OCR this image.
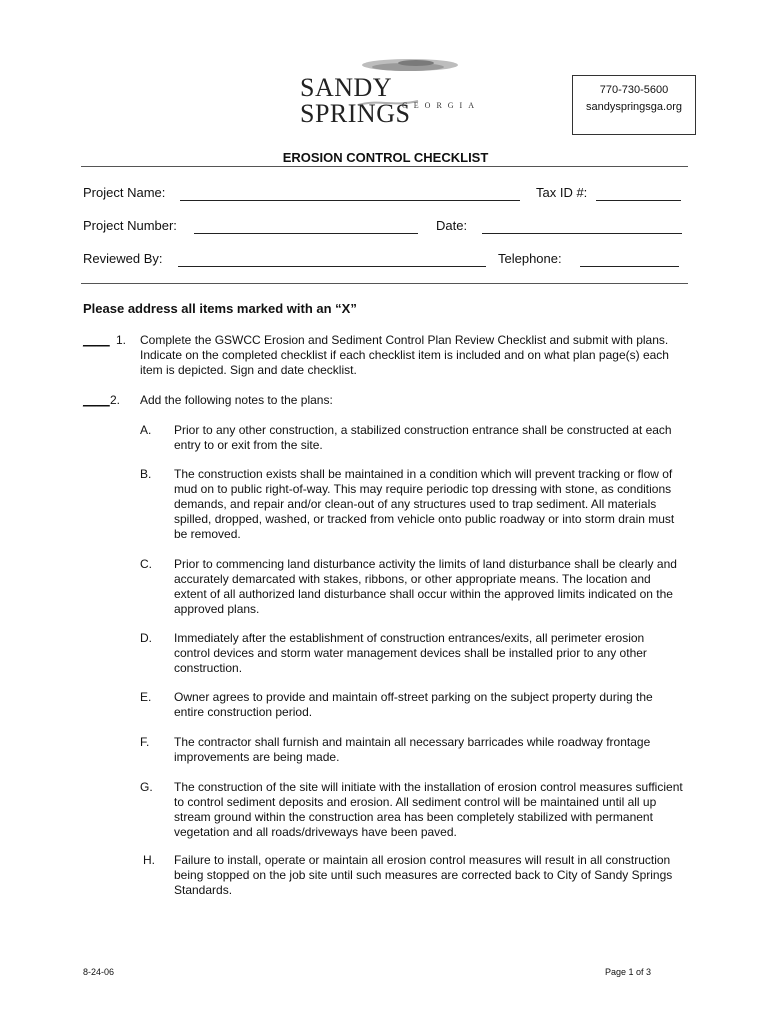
SANDY SPRINGS
GEORGIA
770-730-5600
sandyspringsga.org
EROSION CONTROL CHECKLIST
Project Name:	Tax ID #:
Project Number:	Date:
Reviewed By:	Telephone:
Please address all items marked with an “X”
____ 1. Complete the GSWCC Erosion and Sediment Control Plan Review Checklist and submit with plans. Indicate on the completed checklist if each checklist item is included and on what plan page(s) each item is depicted. Sign and date checklist.
____ 2. Add the following notes to the plans:
A. Prior to any other construction, a stabilized construction entrance shall be constructed at each entry to or exit from the site.
B. The construction exists shall be maintained in a condition which will prevent tracking or flow of mud on to public right-of-way. This may require periodic top dressing with stone, as conditions demands, and repair and/or clean-out of any structures used to trap sediment. All materials spilled, dropped, washed, or tracked from vehicle onto public roadway or into storm drain must be removed.
C. Prior to commencing land disturbance activity the limits of land disturbance shall be clearly and accurately demarcated with stakes, ribbons, or other appropriate means. The location and extent of all authorized land disturbance shall occur within the approved limits indicated on the approved plans.
D. Immediately after the establishment of construction entrances/exits, all perimeter erosion control devices and storm water management devices shall be installed prior to any other construction.
E. Owner agrees to provide and maintain off-street parking on the subject property during the entire construction period.
F. The contractor shall furnish and maintain all necessary barricades while roadway frontage improvements are being made.
G. The construction of the site will initiate with the installation of erosion control measures sufficient to control sediment deposits and erosion. All sediment control will be maintained until all up stream ground within the construction area has been completely stabilized with permanent vegetation and all roads/driveways have been paved.
H. Failure to install, operate or maintain all erosion control measures will result in all construction being stopped on the job site until such measures are corrected back to City of Sandy Springs Standards.
8-24-06	Page 1 of 3
